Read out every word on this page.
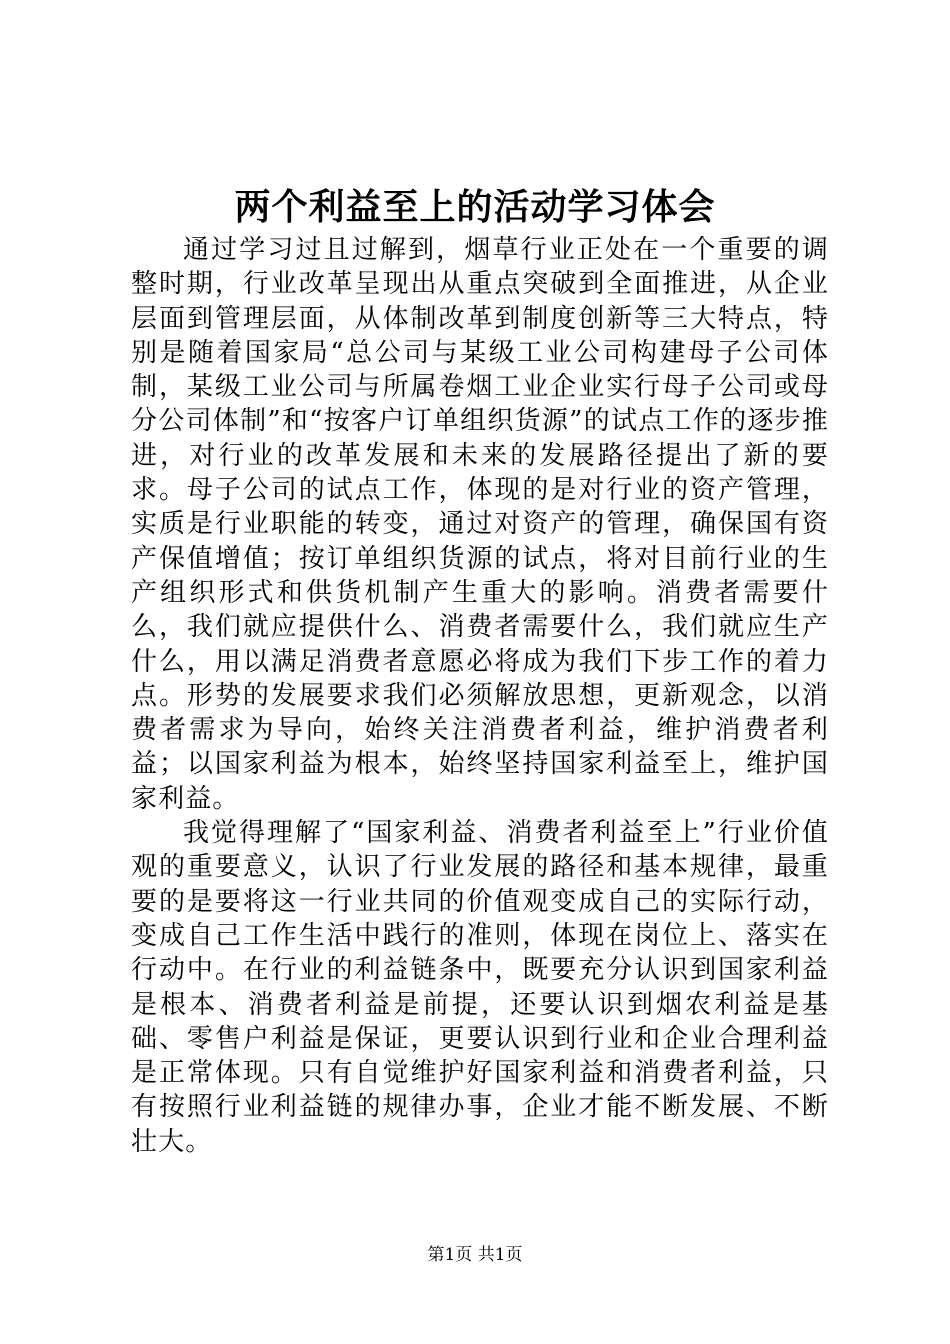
两个利益至上的活动学习体会

通过学习过且过解到，烟草行业正处在一个重要的调整时期，行业改革呈现出从重点突破到全面推进，从企业层面到管理层面，从体制改革到制度创新等三大特点，特别是随着国家局“总公司与某级工业公司构建母子公司体制，某级工业公司与所属卷烟工业企业实行母子公司或母分公司体制”和“按客户订单组织货源”的试点工作的逐步推进，对行业的改革发展和未来的发展路径提出了新的要求。母子公司的试点工作，体现的是对行业的资产管理，实质是行业职能的转变，通过对资产的管理，确保国有资产保值增值；按订单组织货源的试点，将对目前行业的生产组织形式和供货机制产生重大的影响。消费者需要什么，我们就应提供什么、消费者需要什么，我们就应生产什么，用以满足消费者意愿必将成为我们下步工作的着力点。形势的发展要求我们必须解放思想，更新观念，以消费者需求为导向，始终关注消费者利益，维护消费者利益；以国家利益为根本，始终坚持国家利益至上，维护国家利益。

我觉得理解了“国家利益、消费者利益至上”行业价值观的重要意义，认识了行业发展的路径和基本规律，最重要的是要将这一行业共同的价值观变成自己的实际行动，变成自己工作生活中践行的准则，体现在岗位上、落实在行动中。在行业的利益链条中，既要充分认识到国家利益是根本、消费者利益是前提，还要认识到烟农利益是基础、零售户利益是保证，更要认识到行业和企业合理利益是正常体现。只有自觉维护好国家利益和消费者利益，只有按照行业利益链的规律办事，企业才能不断发展、不断壮大。

第1页 共1页
